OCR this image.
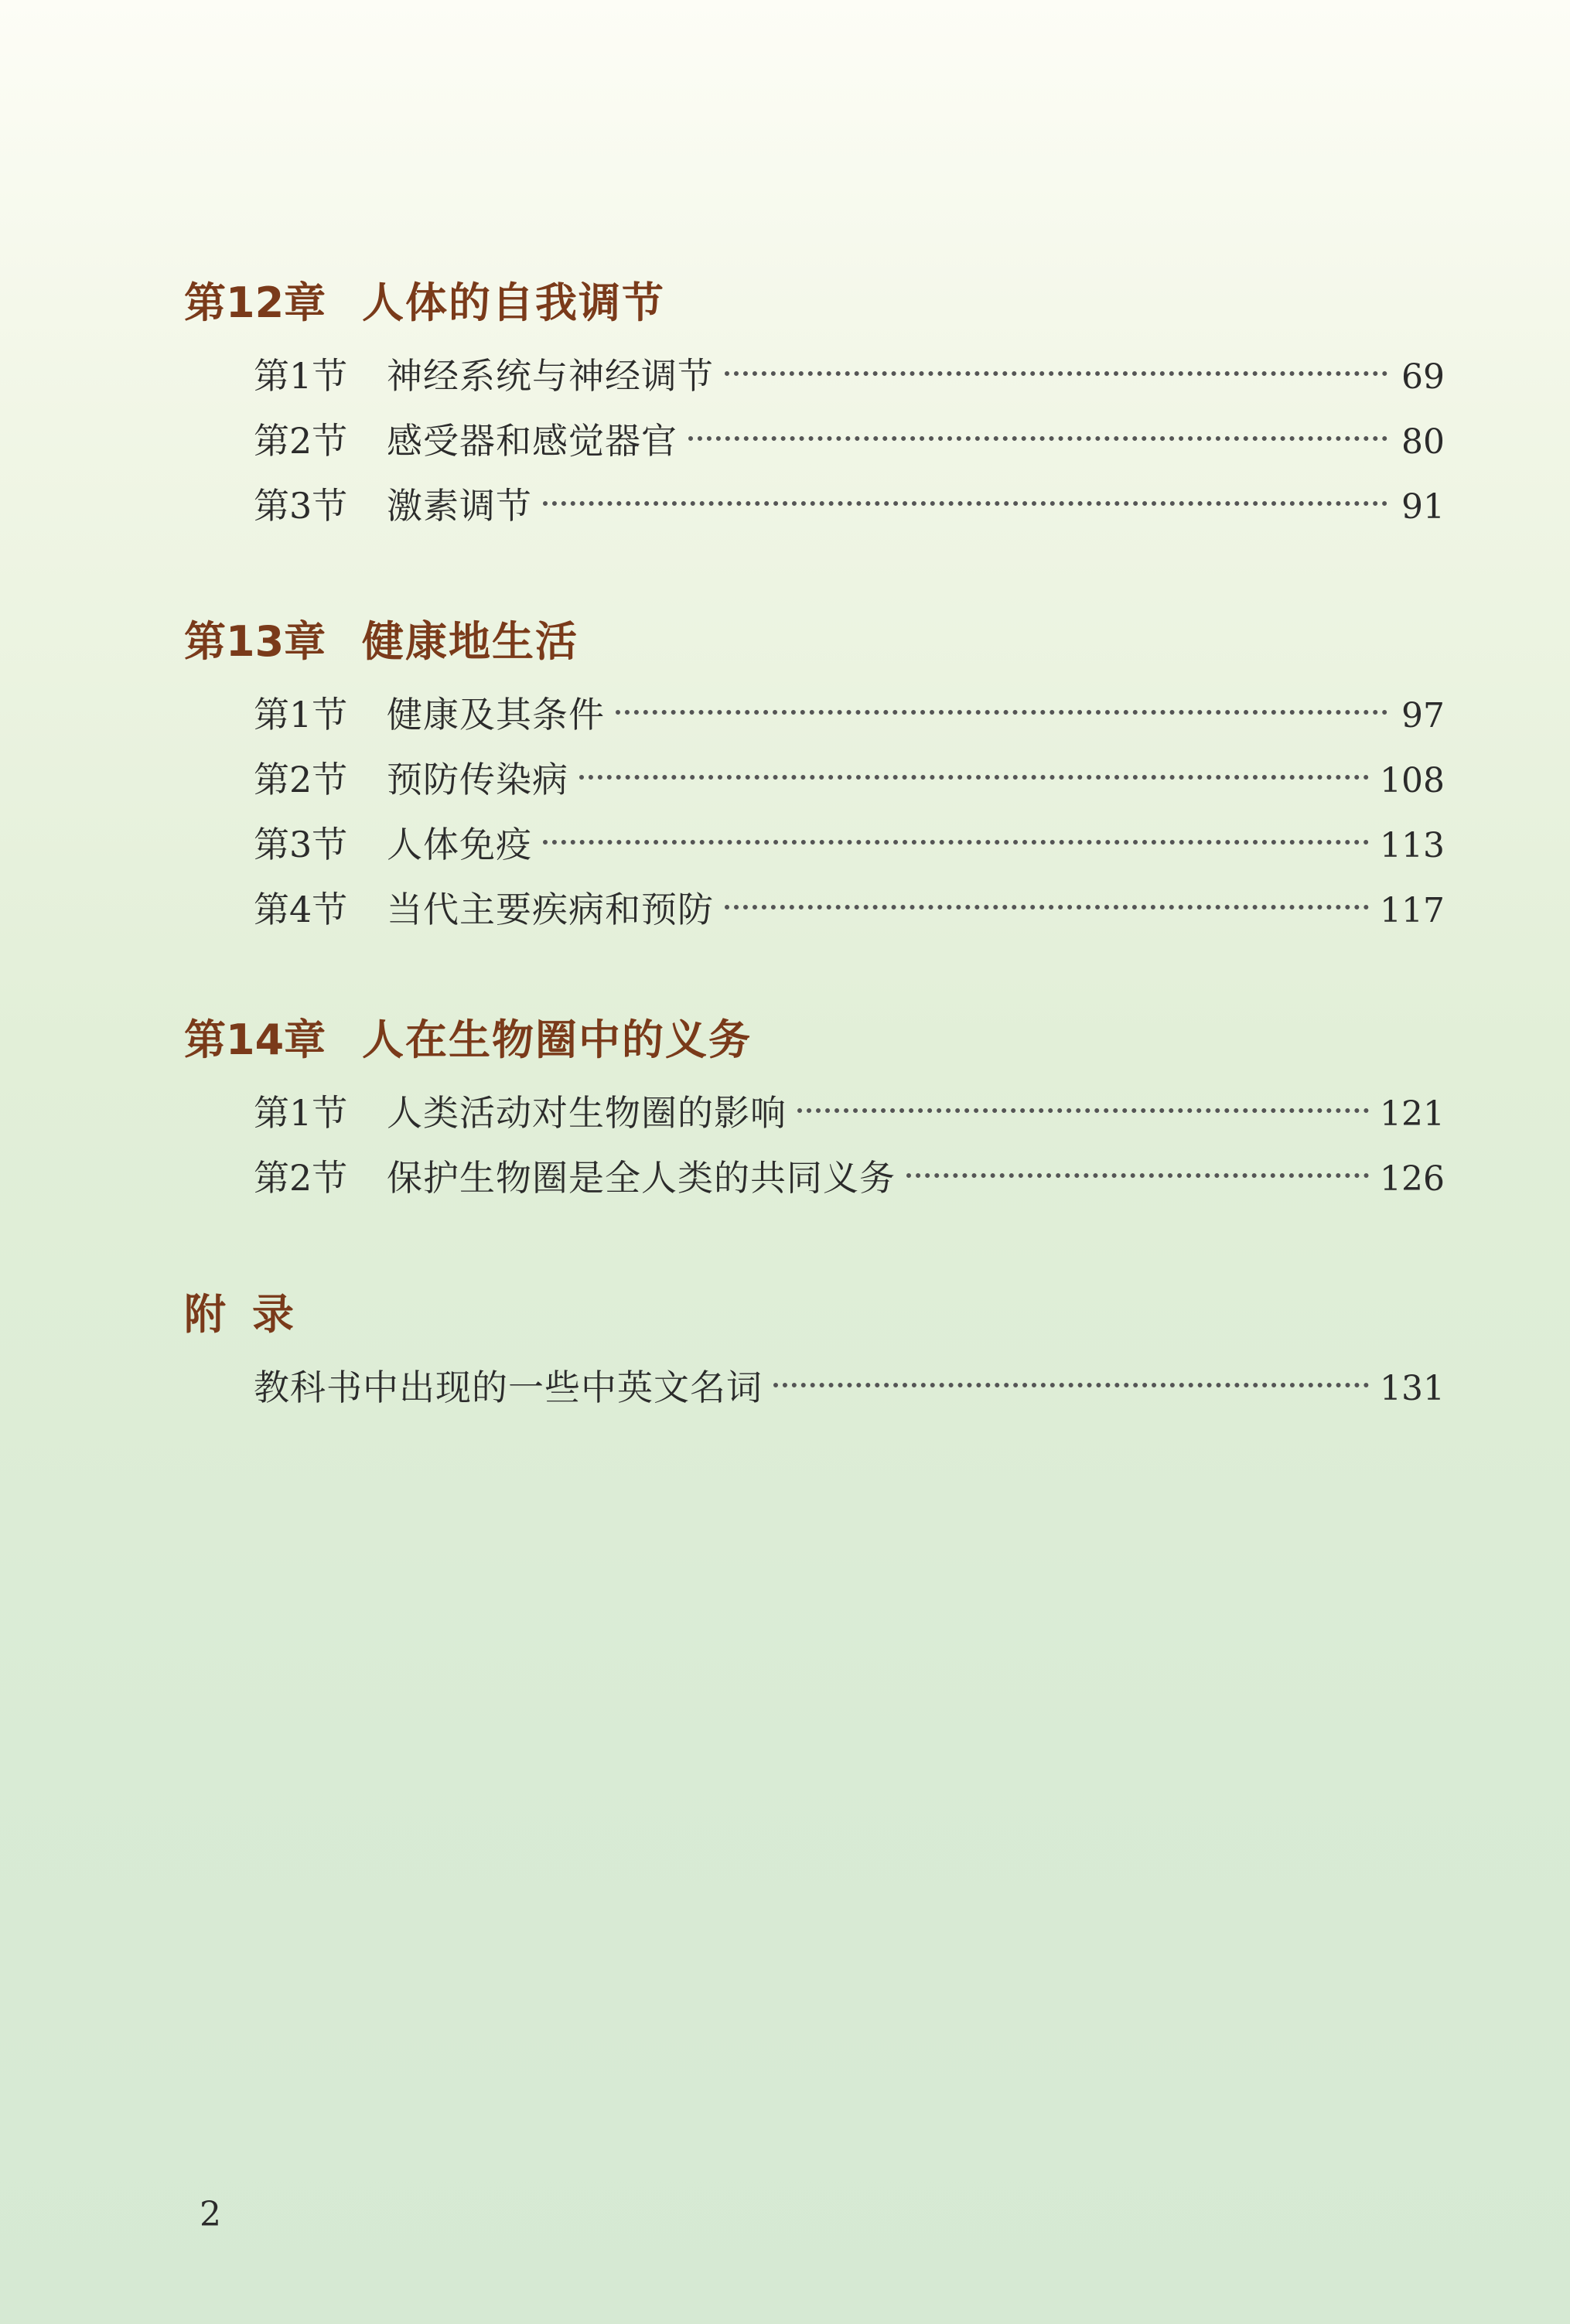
第12章 人体的自我调节
第1节	神经系统与神经调节	69
第2节	感受器和感觉器官	80
第3节	激素调节	91
第13章 健康地生活
第1节	健康及其条件	97
第2节	预防传染病	108
第3节	人体免疫	113
第4节	当代主要疾病和预防	117
第14章 人在生物圈中的义务
第1节	人类活动对生物圈的影响	121
第2节	保护生物圈是全人类的共同义务	126
附录
教科书中出现的一些中英文名词	131
2
